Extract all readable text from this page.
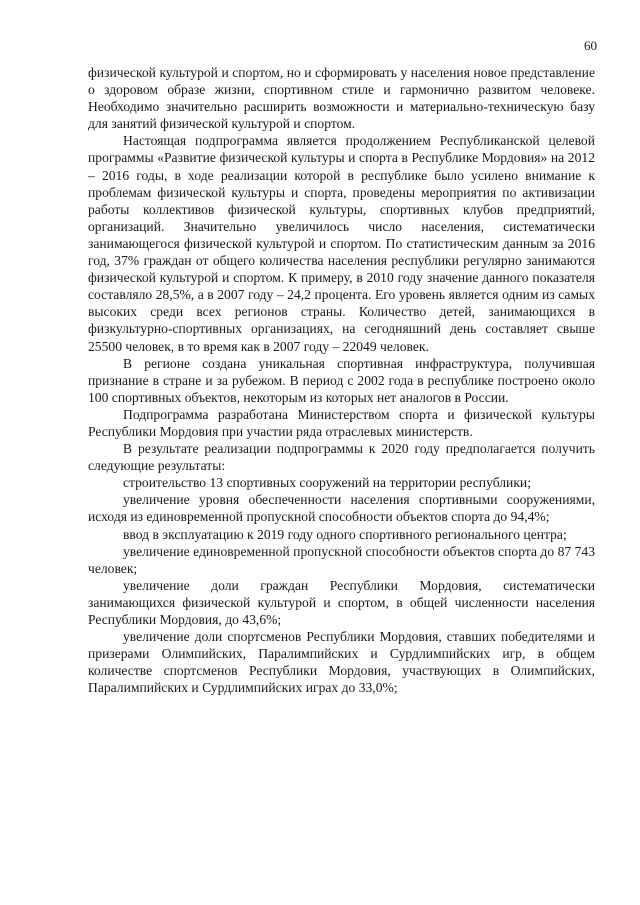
60

физической культурой и спортом, но и сформировать у населения новое представление о здоровом образе жизни, спортивном стиле и гармонично развитом человеке. Необходимо значительно расширить возможности и материально-техническую базу для занятий физической культурой и спортом.

Настоящая подпрограмма является продолжением Республиканской целевой программы «Развитие физической культуры и спорта в Республике Мордовия» на 2012 – 2016 годы, в ходе реализации которой в республике было усилено внимание к проблемам физической культуры и спорта, проведены мероприятия по активизации работы коллективов физической культуры, спортивных клубов предприятий, организаций. Значительно увеличилось число населения, систематически занимающегося физической культурой и спортом. По статистическим данным за 2016 год, 37% граждан от общего количества населения республики регулярно занимаются физической культурой и спортом. К примеру, в 2010 году значение данного показателя составляло 28,5%, а в 2007 году – 24,2 процента. Его уровень является одним из самых высоких среди всех регионов страны. Количество детей, занимающихся в физкультурно-спортивных организациях, на сегодняшний день составляет свыше 25500 человек, в то время как в 2007 году – 22049 человек.

В регионе создана уникальная спортивная инфраструктура, получившая признание в стране и за рубежом. В период с 2002 года в республике построено около 100 спортивных объектов, некоторым из которых нет аналогов в России.

Подпрограмма разработана Министерством спорта и физической культуры Республики Мордовия при участии ряда отраслевых министерств.

В результате реализации подпрограммы к 2020 году предполагается получить следующие результаты:

строительство 13 спортивных сооружений на территории республики;

увеличение уровня обеспеченности населения спортивными сооружениями, исходя из единовременной пропускной способности объектов спорта до 94,4%;

ввод в эксплуатацию к 2019 году одного спортивного регионального центра;

увеличение единовременной пропускной способности объектов спорта до 87 743 человек;

увеличение доли граждан Республики Мордовия, систематически занимающихся физической культурой и спортом, в общей численности населения Республики Мордовия, до 43,6%;

увеличение доли спортсменов Республики Мордовия, ставших победителями и призерами Олимпийских, Паралимпийских и Сурдлимпийских игр, в общем количестве спортсменов Республики Мордовия, участвующих в Олимпийских, Паралимпийских и Сурдлимпийских играх до 33,0%;
